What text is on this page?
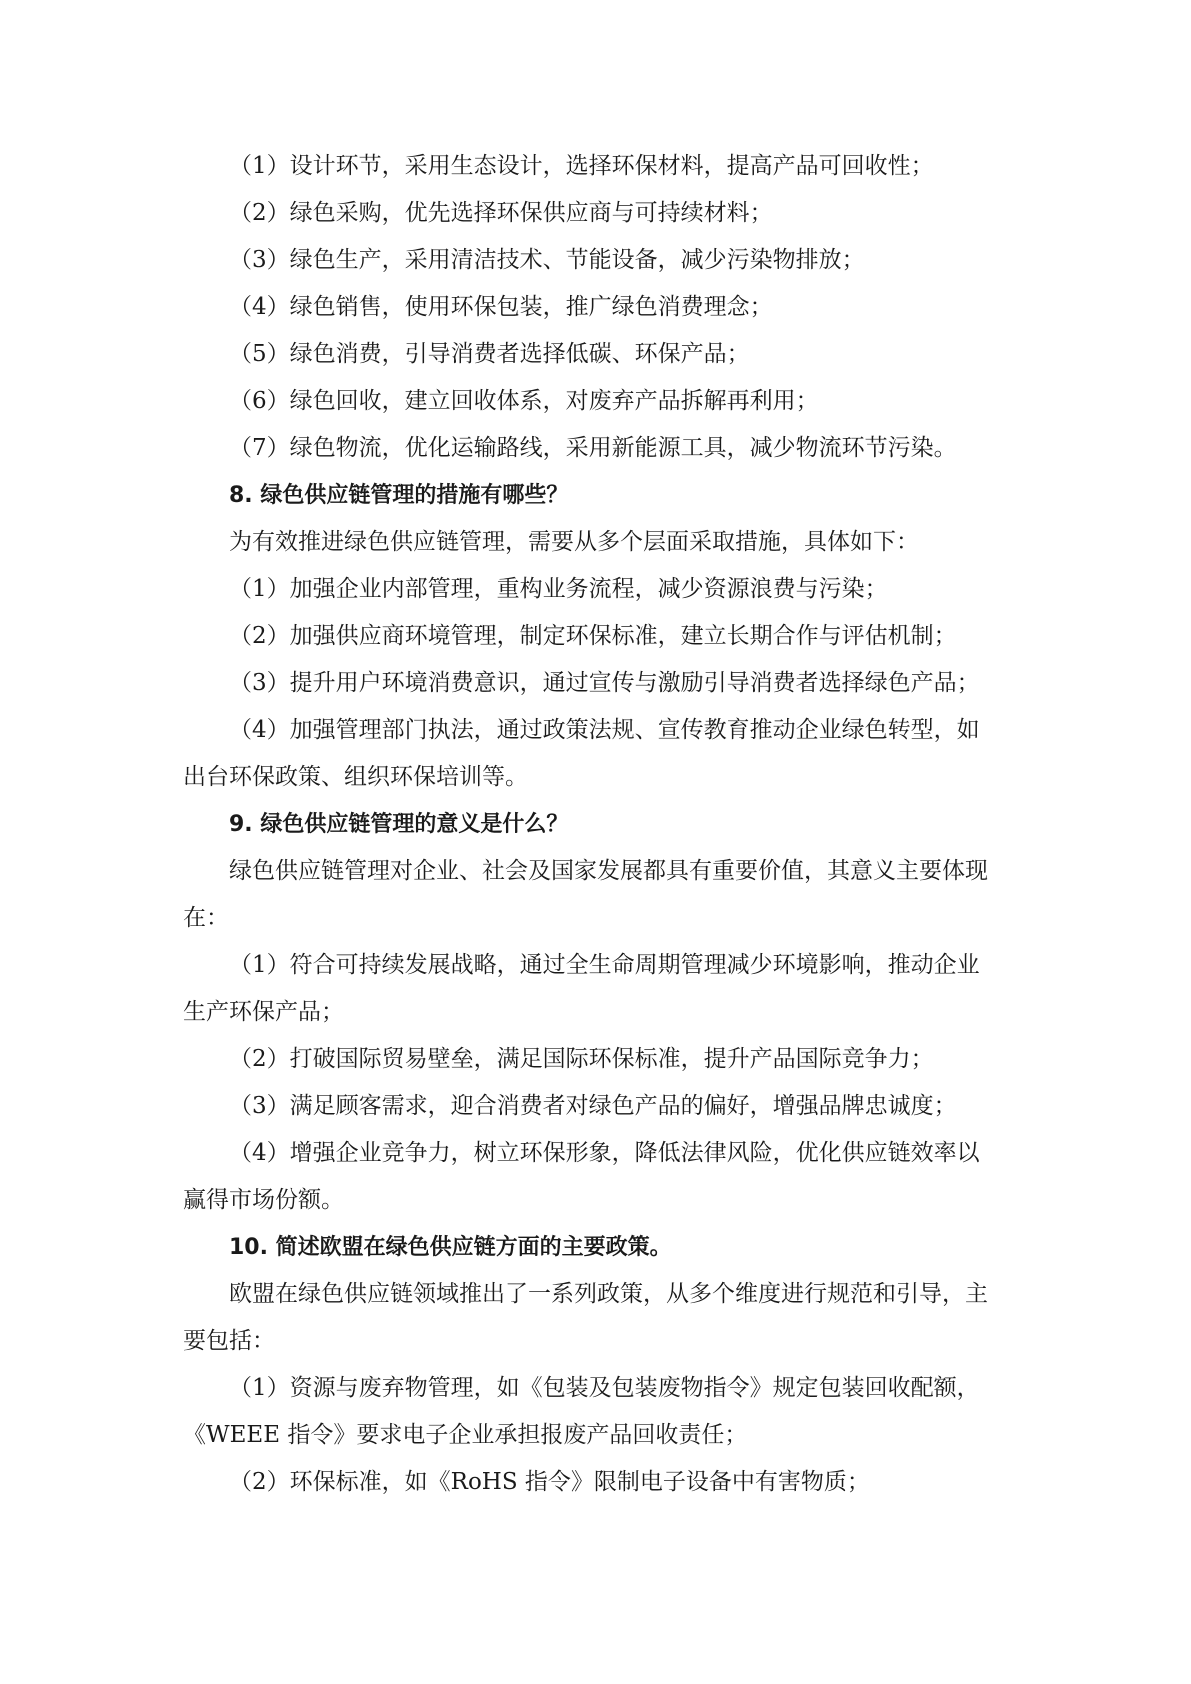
（1）设计环节，采用生态设计，选择环保材料，提高产品可回收性；

（2）绿色采购，优先选择环保供应商与可持续材料；

（3）绿色生产，采用清洁技术、节能设备，减少污染物排放；

（4）绿色销售，使用环保包装，推广绿色消费理念；

（5）绿色消费，引导消费者选择低碳、环保产品；

（6）绿色回收，建立回收体系，对废弃产品拆解再利用；

（7）绿色物流，优化运输路线，采用新能源工具，减少物流环节污染。

8. 绿色供应链管理的措施有哪些？

为有效推进绿色供应链管理，需要从多个层面采取措施，具体如下：

（1）加强企业内部管理，重构业务流程，减少资源浪费与污染；

（2）加强供应商环境管理，制定环保标准，建立长期合作与评估机制；

（3）提升用户环境消费意识，通过宣传与激励引导消费者选择绿色产品；

（4）加强管理部门执法，通过政策法规、宣传教育推动企业绿色转型，如

出台环保政策、组织环保培训等。

9. 绿色供应链管理的意义是什么？

绿色供应链管理对企业、社会及国家发展都具有重要价值，其意义主要体现

在：

（1）符合可持续发展战略，通过全生命周期管理减少环境影响，推动企业

生产环保产品；

（2）打破国际贸易壁垒，满足国际环保标准，提升产品国际竞争力；

（3）满足顾客需求，迎合消费者对绿色产品的偏好，增强品牌忠诚度；

（4）增强企业竞争力，树立环保形象，降低法律风险，优化供应链效率以

赢得市场份额。

10. 简述欧盟在绿色供应链方面的主要政策。

欧盟在绿色供应链领域推出了一系列政策，从多个维度进行规范和引导，主

要包括：

（1）资源与废弃物管理，如《包装及包装废物指令》规定包装回收配额，

《WEEE 指令》要求电子企业承担报废产品回收责任；

（2）环保标准，如《RoHS 指令》限制电子设备中有害物质；
